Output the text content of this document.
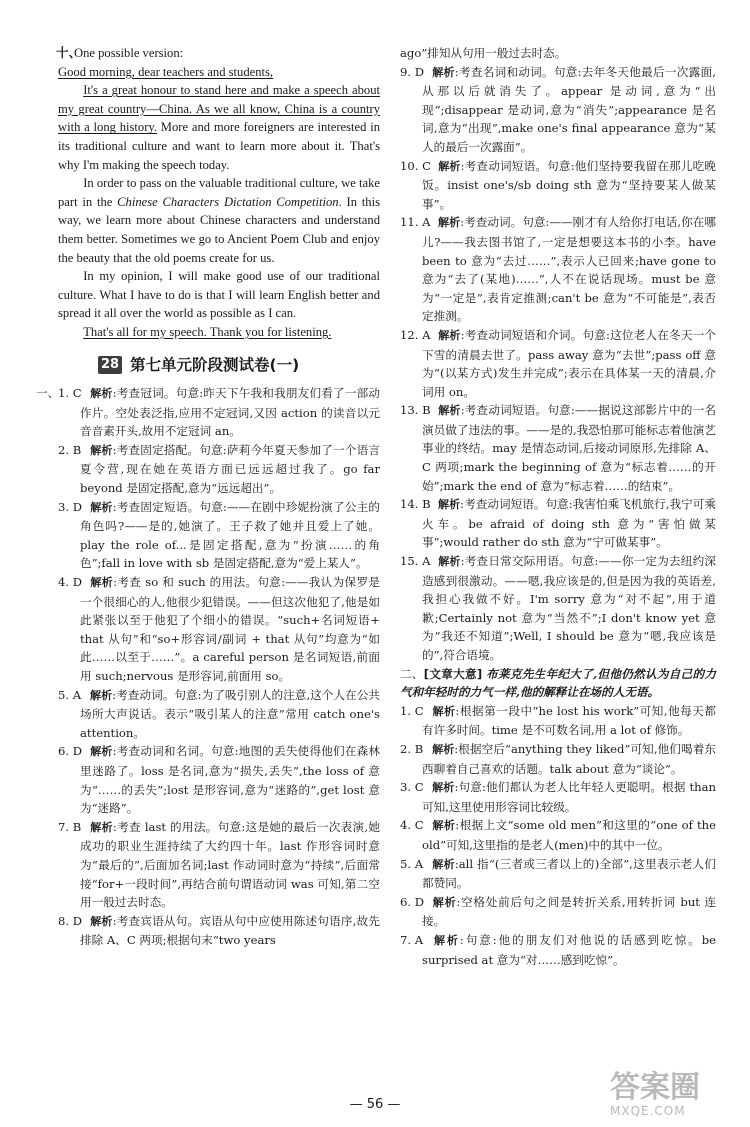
十、
One possible version:

Good morning, dear teachers and students,

It's a great honour to stand here and make a speech about my great country—China. As we all know, China is a country with a long history. More and more foreigners are interested in its traditional culture and want to learn more about it. That's why I'm making the speech today.

In order to pass on the valuable traditional culture, we take part in the Chinese Characters Dictation Competition. In this way, we learn more about Chinese characters and understand them better. Sometimes we go to Ancient Poem Club and enjoy the beauty that the old poems create for us.

In my opinion, I will make good use of our traditional culture. What I have to do is that I will learn English better and spread it all over the world as possible as I can.

That's all for my speech. Thank you for listening.

28 第七单元阶段测试卷(一)

一、
1. C 解析:考查冠词。句意:昨天下午我和我朋友们看了一部动作片。空处表泛指,应用不定冠词,又因 action 的读音以元音音素开头,故用不定冠词 an。

2. B 解析:考查固定搭配。句意:萨莉今年夏天参加了一个语言夏令营,现在她在英语方面已远远超过我了。go far beyond 是固定搭配,意为“远远超出”。

3. D 解析:考查固定短语。句意:——在剧中珍妮扮演了公主的角色吗?——是的,她演了。王子救了她并且爱上了她。play the role of...是固定搭配,意为“扮演……的角色”;fall in love with sb 是固定搭配,意为“爱上某人”。

4. D 解析:考查 so 和 such 的用法。句意:——我认为保罗是一个很细心的人,他很少犯错误。——但这次他犯了,他是如此紧张以至于他犯了个细小的错误。“such+名词短语+ that 从句”和“so+形容词/副词 + that 从句”均意为“如此……以至于……”。a careful person 是名词短语,前面用 such;nervous 是形容词,前面用 so。

5. A 解析:考查动词。句意:为了吸引别人的注意,这个人在公共场所大声说话。表示“吸引某人的注意”常用 catch one's attention。

6. D 解析:考查动词和名词。句意:地图的丢失使得他们在森林里迷路了。loss 是名词,意为“损失,丢失”,the loss of 意为“……的丢失”;lost 是形容词,意为“迷路的”,get lost 意为“迷路”。

7. B 解析:考查 last 的用法。句意:这是她的最后一次表演,她成功的职业生涯持续了大约四十年。last 作形容词时意为“最后的”,后面加名词;last 作动词时意为“持续”,后面常接“for+一段时间”,再结合前句谓语动词 was 可知,第二空用一般过去时态。

8. D 解析:考查宾语从句。宾语从句中应使用陈述句语序,故先排除 A、C 两项;根据句末“two years

ago”排知从句用一般过去时态。

9. D 解析:考查名词和动词。句意:去年冬天他最后一次露面,从那以后就消失了。appear 是动词,意为“出现”;disappear 是动词,意为“消失”;appearance 是名词,意为“出现”,make one's final appearance 意为“某人的最后一次露面”。

10. C 解析:考查动词短语。句意:他们坚持要我留在那儿吃晚饭。insist one's/sb doing sth 意为“坚持要某人做某事”。

11. A 解析:考查动词。句意:——刚才有人给你打电话,你在哪儿?——我去图书馆了,一定是想要这本书的小李。have been to 意为“去过……”,表示人已回来;have gone to 意为“去了(某地)……”,人不在说话现场。must be 意为“一定是”,表肯定推测;can't be 意为“不可能是”,表否定推测。

12. A 解析:考查动词短语和介词。句意:这位老人在冬天一个下雪的清晨去世了。pass away 意为“去世”;pass off 意为“(以某方式)发生并完成”;表示在具体某一天的清晨,介词用 on。

13. B 解析:考查动词短语。句意:——据说这部影片中的一名演员做了违法的事。——是的,我恐怕那可能标志着他演艺事业的终结。may 是情态动词,后接动词原形,先排除 A、C 两项;mark the beginning of 意为“标志着……的开始”;mark the end of 意为“标志着……的结束”。

14. B 解析:考查动词短语。句意:我害怕乘飞机旅行,我宁可乘火车。be afraid of doing sth 意为“害怕做某事”;would rather do sth 意为“宁可做某事”。

15. A 解析:考查日常交际用语。句意:——你一定为去纽约深造感到很激动。——嗯,我应该是的,但是因为我的英语差,我担心我做不好。I'm sorry 意为“对不起”,用于道歉;Certainly not 意为“当然不”;I don't know yet 意为“我还不知道”;Well, I should be 意为“嗯,我应该是的”,符合语境。

二、[文章大意] 布莱克先生年纪大了,但他仍然认为自己的力气和年轻时的力气一样,他的解释让在场的人无语。

1. C 解析:根据第一段中“he lost his work”可知,他每天都有许多时间。time 是不可数名词,用 a lot of 修饰。

2. B 解析:根据空后“anything they liked”可知,他们喝着东西聊着自己喜欢的话题。talk about 意为“谈论”。

3. C 解析:句意:他们都认为老人比年轻人更聪明。根据 than 可知,这里使用形容词比较级。

4. C 解析:根据上文“some old men”和这里的“one of the old”可知,这里指的是老人(men)中的其中一位。

5. A 解析:all 指“(三者或三者以上的)全部”,这里表示老人们都赞同。

6. D 解析:空格处前后句之间是转折关系,用转折词 but 连接。

7. A 解析:句意:他的朋友们对他说的话感到吃惊。be surprised at 意为“对……感到吃惊”。

— 56 —	答案圈
MXQE.COM
